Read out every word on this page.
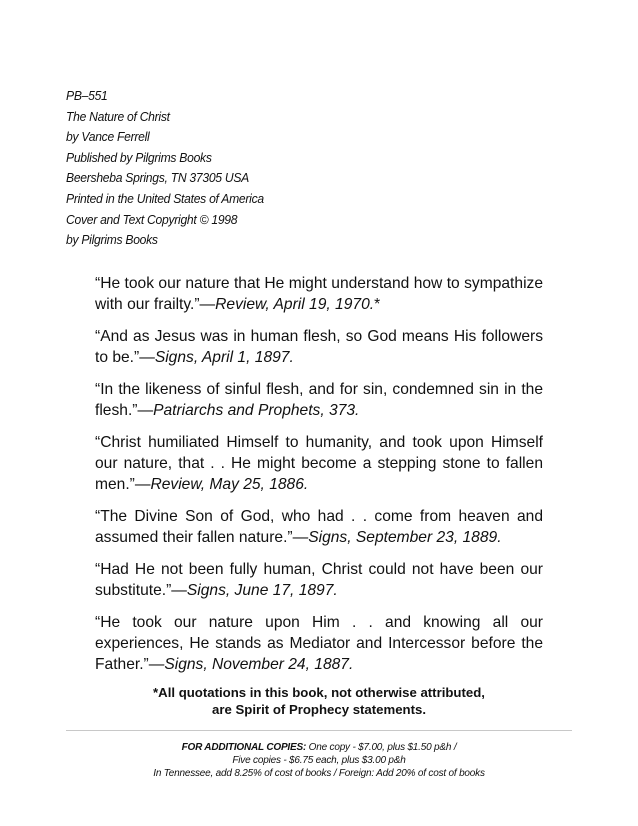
PB–551
The Nature of Christ
by Vance Ferrell
Published by Pilgrims Books
Beersheba Springs, TN 37305 USA
Printed in the United States of America
Cover and Text Copyright © 1998
by Pilgrims Books

“He took our nature that He might understand how to sympathize with our frailty.”—Review, April 19, 1970.*

“And as Jesus was in human flesh, so God means His followers to be.”—Signs, April 1, 1897.

“In the likeness of sinful flesh, and for sin, condemned sin in the flesh.”—Patriarchs and Prophets, 373.

“Christ humiliated Himself to humanity, and took upon Himself our nature, that . . He might become a stepping stone to fallen men.”—Review, May 25, 1886.

“The Divine Son of God, who had . . come from heaven and assumed their fallen nature.”—Signs, September 23, 1889.

“Had He not been fully human, Christ could not have been our substitute.”—Signs, June 17, 1897.

“He took our nature upon Him . . and knowing all our experiences, He stands as Mediator and Intercessor before the Father.”—Signs, November 24, 1887.

*All quotations in this book, not otherwise attributed,
are Spirit of Prophecy statements.
FOR ADDITIONAL COPIES: One copy - $7.00, plus $1.50 p&h /
Five copies - $6.75 each, plus $3.00 p&h
In Tennessee, add 8.25% of cost of books / Foreign: Add 20% of cost of books
